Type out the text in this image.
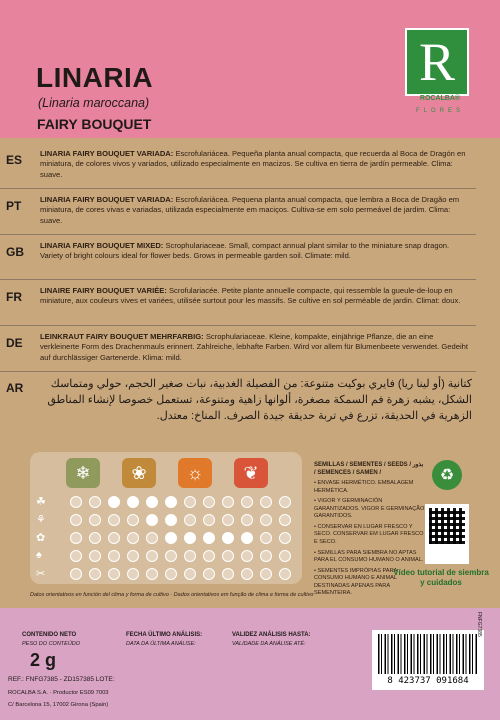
LINARIA
(Linaria maroccana)
FAIRY BOUQUET
R
ROCALBA®
FLORES
ES	LINARIA FAIRY BOUQUET VARIADA: Escrofulariácea. Pequeña planta anual compacta, que recuerda al Boca de Dragón en miniatura, de colores vivos y variados, utilizado especialmente en macizos. Se cultiva en tierra de jardín permeable. Clima: suave.
PT	LINARIA FAIRY BOUQUET VARIADA: Escrofulariácea. Pequena planta anual compacta, que lembra a Boca de Dragão em miniatura, de cores vivas e variadas, utilizada especialmente em maciços. Cultiva-se em solo permeável de jardim. Clima: suave.
GB	LINARIA FAIRY BOUQUET MIXED: Scrophulariaceae. Small, compact annual plant similar to the miniature snap dragon. Variety of bright colours ideal for flower beds. Grows in permeable garden soil. Climate: mild.
FR	LINAIRE FAIRY BOUQUET VARIÉE: Scrofulariacée. Petite plante annuelle compacte, qui ressemble la gueule-de-loup en miniature, aux couleurs vives et variées, utilisée surtout pour les massifs. Se cultive en sol perméable de jardin. Climat: doux.
DE	LEINKRAUT FAIRY BOUQUET MEHRFARBIG: Scrophulariaceae. Kleine, kompakte, einjährige Pflanze, die an eine verkleinerte Form des Drachenmauls erinnert. Zahlreiche, lebhafte Farben. Wird vor allem für Blumenbeete verwendet. Gedeiht auf durchlässiger Gartenerde. Klima: mild.
AR	كتانية (أو لينا ريا) فايري بوكيت متنوعة: من الفصيلة الغدبية، نبات صغير الحجم، حولي ومتماسك الشكل، يشبه زهرة فم السمكة مصغرة، ألوانها زاهية ومتنوعة، تستعمل خصوصا لإنشاء المناطق الزهرية في الحديقة، تزرع في تربة حديقة جيدة الصرف. المناخ: معتدل.
❄	❀	☼	❦
☘
⚘
✿
♠
✂
Datos orientativos en función del clima y forma de cultivo · Dados orientativos em função de clima e forma de cultivo
SEMILLAS / SEMENTES / SEEDS / بذور / SEMENCES / SAMEN /
• ENVASE HERMÉTICO. EMBALAGEM HERMÉTICA.
• VIGOR Y GERMINACIÓN GARANTIZADOS. VIGOR E GERMINAÇÃO GARANTIDOS.
• CONSERVAR EN LUGAR FRESCO Y SECO. CONSERVAR EM LUGAR FRESCO E SECO.
• SEMILLAS PARA SIEMBRA NO APTAS PARA EL CONSUMO HUMANO O ANIMAL.
• SEMENTES IMPRÓPIAS PARA CONSUMO HUMANO E ANIMAL DESTINADAS APENAS PARA SEMENTEIRA.
♻
Vídeo tutorial de siembra y cuidados
CONTENIDO NETO
PESO DO CONTEÚDO
2 g
FECHA ÚLTIMO ANÁLISIS:
DATA DA ÚLTIMA ANÁLISE:
VALIDEZ ANÁLISIS HASTA:
VALIDADE DA ANÁLISE ATÉ:
REF.: FNFG7385 - ZD157385 LOTE:
ROCALBA S.A. · Productor ES09 7003
C/ Barcelona 15, 17002 Girona (Spain)
8 423737 091684
FNFG7385
